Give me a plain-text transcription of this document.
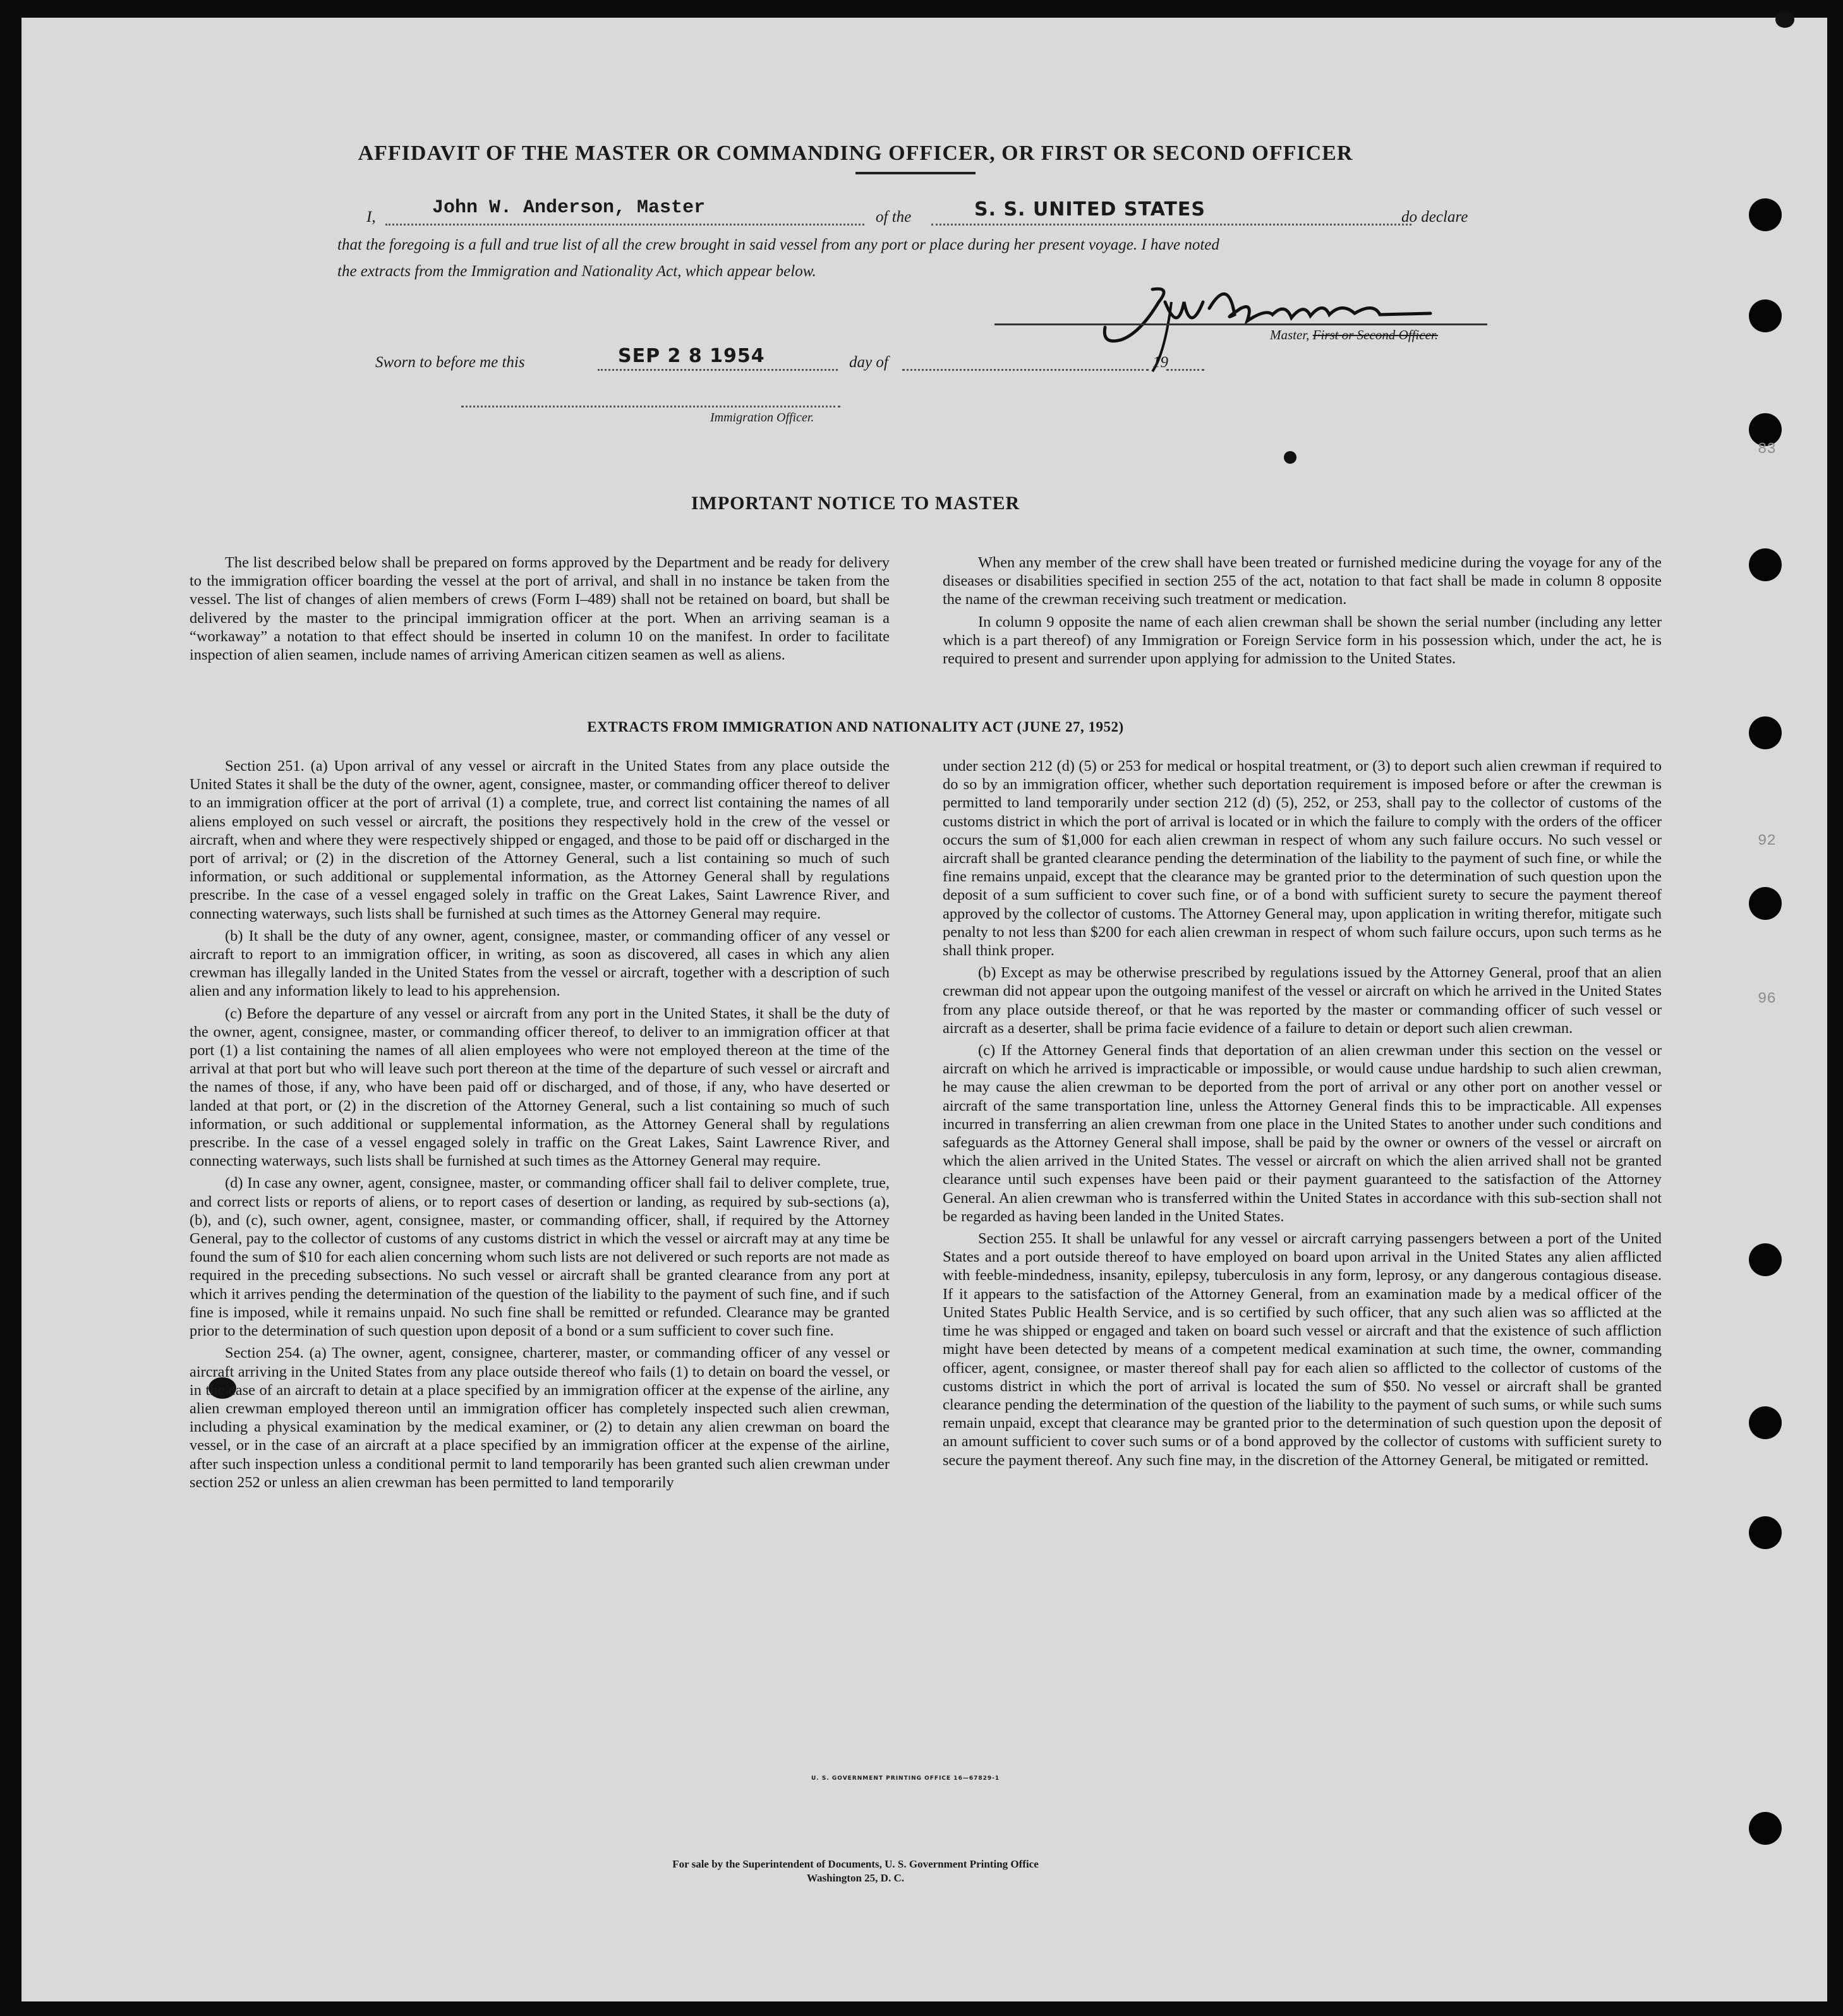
83
92
96
AFFIDAVIT OF THE MASTER OR COMMANDING OFFICER, OR FIRST OR SECOND OFFICER
I,	John W. Anderson, Master	of the	S. S. UNITED STATES	do declare
that the foregoing is a full and true list of all the crew brought in said vessel from any port or place during her present voyage. I have noted
the extracts from the Immigration and Nationality Act, which appear below.
Master, First or Second Officer.
Sworn to before me this	SEP 2 8 1954	day of	19
Immigration Officer.
IMPORTANT NOTICE TO MASTER

The list described below shall be prepared on forms approved by the Department and be ready for delivery to the immigration officer boarding the vessel at the port of arrival, and shall in no instance be taken from the vessel. The list of changes of alien members of crews (Form I–489) shall not be retained on board, but shall be delivered by the master to the principal immigration officer at the port. When an arriving seaman is a “workaway” a notation to that effect should be inserted in column 10 on the manifest. In order to facilitate inspection of alien seamen, include names of arriving American citizen seamen as well as aliens.

When any member of the crew shall have been treated or furnished medicine during the voyage for any of the diseases or disabilities specified in section 255 of the act, notation to that fact shall be made in column 8 opposite the name of the crewman receiving such treatment or medication.

In column 9 opposite the name of each alien crewman shall be shown the serial number (including any letter which is a part thereof) of any Immigration or Foreign Service form in his possession which, under the act, he is required to present and surrender upon applying for admission to the United States.

EXTRACTS FROM IMMIGRATION AND NATIONALITY ACT (JUNE 27, 1952)

Section 251. (a) Upon arrival of any vessel or aircraft in the United States from any place outside the United States it shall be the duty of the owner, agent, consignee, master, or commanding officer thereof to deliver to an immigration officer at the port of arrival (1) a complete, true, and correct list containing the names of all aliens employed on such vessel or aircraft, the positions they respectively hold in the crew of the vessel or aircraft, when and where they were respectively shipped or engaged, and those to be paid off or discharged in the port of arrival; or (2) in the discretion of the Attorney General, such a list containing so much of such information, or such additional or supplemental information, as the Attorney General shall by regulations prescribe. In the case of a vessel engaged solely in traffic on the Great Lakes, Saint Lawrence River, and connecting waterways, such lists shall be furnished at such times as the Attorney General may require.

(b) It shall be the duty of any owner, agent, consignee, master, or commanding officer of any vessel or aircraft to report to an immigration officer, in writing, as soon as discovered, all cases in which any alien crewman has illegally landed in the United States from the vessel or aircraft, together with a description of such alien and any information likely to lead to his apprehension.

(c) Before the departure of any vessel or aircraft from any port in the United States, it shall be the duty of the owner, agent, consignee, master, or commanding officer thereof, to deliver to an immigration officer at that port (1) a list containing the names of all alien employees who were not employed thereon at the time of the arrival at that port but who will leave such port thereon at the time of the departure of such vessel or aircraft and the names of those, if any, who have been paid off or discharged, and of those, if any, who have deserted or landed at that port, or (2) in the discretion of the Attorney General, such a list containing so much of such information, or such additional or supplemental information, as the Attorney General shall by regulations prescribe. In the case of a vessel engaged solely in traffic on the Great Lakes, Saint Lawrence River, and connecting waterways, such lists shall be furnished at such times as the Attorney General may require.

(d) In case any owner, agent, consignee, master, or commanding officer shall fail to deliver complete, true, and correct lists or reports of aliens, or to report cases of desertion or landing, as required by sub-sections (a), (b), and (c), such owner, agent, consignee, master, or commanding officer, shall, if required by the Attorney General, pay to the collector of customs of any customs district in which the vessel or aircraft may at any time be found the sum of $10 for each alien concerning whom such lists are not delivered or such reports are not made as required in the preceding subsections. No such vessel or aircraft shall be granted clearance from any port at which it arrives pending the determination of the question of the liability to the payment of such fine, and if such fine is imposed, while it remains unpaid. No such fine shall be remitted or refunded. Clearance may be granted prior to the determination of such question upon deposit of a bond or a sum sufficient to cover such fine.

Section 254. (a) The owner, agent, consignee, charterer, master, or commanding officer of any vessel or aircraft arriving in the United States from any place outside thereof who fails (1) to detain on board the vessel, or in the case of an aircraft to detain at a place specified by an immigration officer at the expense of the airline, any alien crewman employed thereon until an immigration officer has completely inspected such alien crewman, including a physical examination by the medical examiner, or (2) to detain any alien crewman on board the vessel, or in the case of an aircraft at a place specified by an immigration officer at the expense of the airline, after such inspection unless a conditional permit to land temporarily has been granted such alien crewman under section 252 or unless an alien crewman has been permitted to land temporarily

under section 212 (d) (5) or 253 for medical or hospital treatment, or (3) to deport such alien crewman if required to do so by an immigration officer, whether such deportation requirement is imposed before or after the crewman is permitted to land temporarily under section 212 (d) (5), 252, or 253, shall pay to the collector of customs of the customs district in which the port of arrival is located or in which the failure to comply with the orders of the officer occurs the sum of $1,000 for each alien crewman in respect of whom any such failure occurs. No such vessel or aircraft shall be granted clearance pending the determination of the liability to the payment of such fine, or while the fine remains unpaid, except that the clearance may be granted prior to the determination of such question upon the deposit of a sum sufficient to cover such fine, or of a bond with sufficient surety to secure the payment thereof approved by the collector of customs. The Attorney General may, upon application in writing therefor, mitigate such penalty to not less than $200 for each alien crewman in respect of whom such failure occurs, upon such terms as he shall think proper.

(b) Except as may be otherwise prescribed by regulations issued by the Attorney General, proof that an alien crewman did not appear upon the outgoing manifest of the vessel or aircraft on which he arrived in the United States from any place outside thereof, or that he was reported by the master or commanding officer of such vessel or aircraft as a deserter, shall be prima facie evidence of a failure to detain or deport such alien crewman.

(c) If the Attorney General finds that deportation of an alien crewman under this section on the vessel or aircraft on which he arrived is impracticable or impossible, or would cause undue hardship to such alien crewman, he may cause the alien crewman to be deported from the port of arrival or any other port on another vessel or aircraft of the same transportation line, unless the Attorney General finds this to be impracticable. All expenses incurred in transferring an alien crewman from one place in the United States to another under such conditions and safeguards as the Attorney General shall impose, shall be paid by the owner or owners of the vessel or aircraft on which the alien arrived in the United States. The vessel or aircraft on which the alien arrived shall not be granted clearance until such expenses have been paid or their payment guaranteed to the satisfaction of the Attorney General. An alien crewman who is transferred within the United States in accordance with this sub-section shall not be regarded as having been landed in the United States.

Section 255. It shall be unlawful for any vessel or aircraft carrying passengers between a port of the United States and a port outside thereof to have employed on board upon arrival in the United States any alien afflicted with feeble-mindedness, insanity, epilepsy, tuberculosis in any form, leprosy, or any dangerous contagious disease. If it appears to the satisfaction of the Attorney General, from an examination made by a medical officer of the United States Public Health Service, and is so certified by such officer, that any such alien was so afflicted at the time he was shipped or engaged and taken on board such vessel or aircraft and that the existence of such affliction might have been detected by means of a competent medical examination at such time, the owner, commanding officer, agent, consignee, or master thereof shall pay for each alien so afflicted to the collector of customs of the customs district in which the port of arrival is located the sum of $50. No vessel or aircraft shall be granted clearance pending the determination of the question of the liability to the payment of such sums, or while such sums remain unpaid, except that clearance may be granted prior to the determination of such question upon the deposit of an amount sufficient to cover such sums or of a bond approved by the collector of customs with sufficient surety to secure the payment thereof. Any such fine may, in the discretion of the Attorney General, be mitigated or remitted.

U. S. GOVERNMENT PRINTING OFFICE 16—67829-1
For sale by the Superintendent of Documents, U. S. Government Printing Office
Washington 25, D. C.
